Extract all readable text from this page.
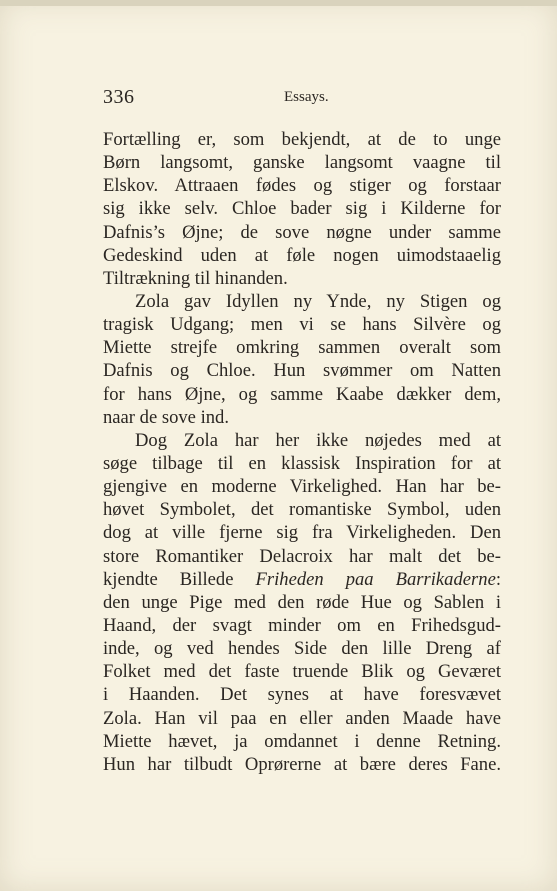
336	Essays.
Fortælling er, som bekjendt, at de to unge
Børn langsomt, ganske langsomt vaagne til
Elskov. Attraaen fødes og stiger og forstaar
sig ikke selv. Chloe bader sig i Kilderne for
Dafnis’s Øjne; de sove nøgne under samme
Gedeskind uden at føle nogen uimodstaaelig
Tiltrækning til hinanden.
Zola gav Idyllen ny Ynde, ny Stigen og
tragisk Udgang; men vi se hans Silvère og
Miette strejfe omkring sammen overalt som
Dafnis og Chloe. Hun svømmer om Natten
for hans Øjne, og samme Kaabe dækker dem,
naar de sove ind.
Dog Zola har her ikke nøjedes med at
søge tilbage til en klassisk Inspiration for at
gjengive en moderne Virkelighed. Han har be-
høvet Symbolet, det romantiske Symbol, uden
dog at ville fjerne sig fra Virkeligheden. Den
store Romantiker Delacroix har malt det be-
kjendte Billede Friheden paa Barrikaderne:
den unge Pige med den røde Hue og Sablen i
Haand, der svagt minder om en Frihedsgud-
inde, og ved hendes Side den lille Dreng af
Folket med det faste truende Blik og Geværet
i Haanden. Det synes at have foresvævet
Zola. Han vil paa en eller anden Maade have
Miette hævet, ja omdannet i denne Retning.
Hun har tilbudt Oprørerne at bære deres Fane.
